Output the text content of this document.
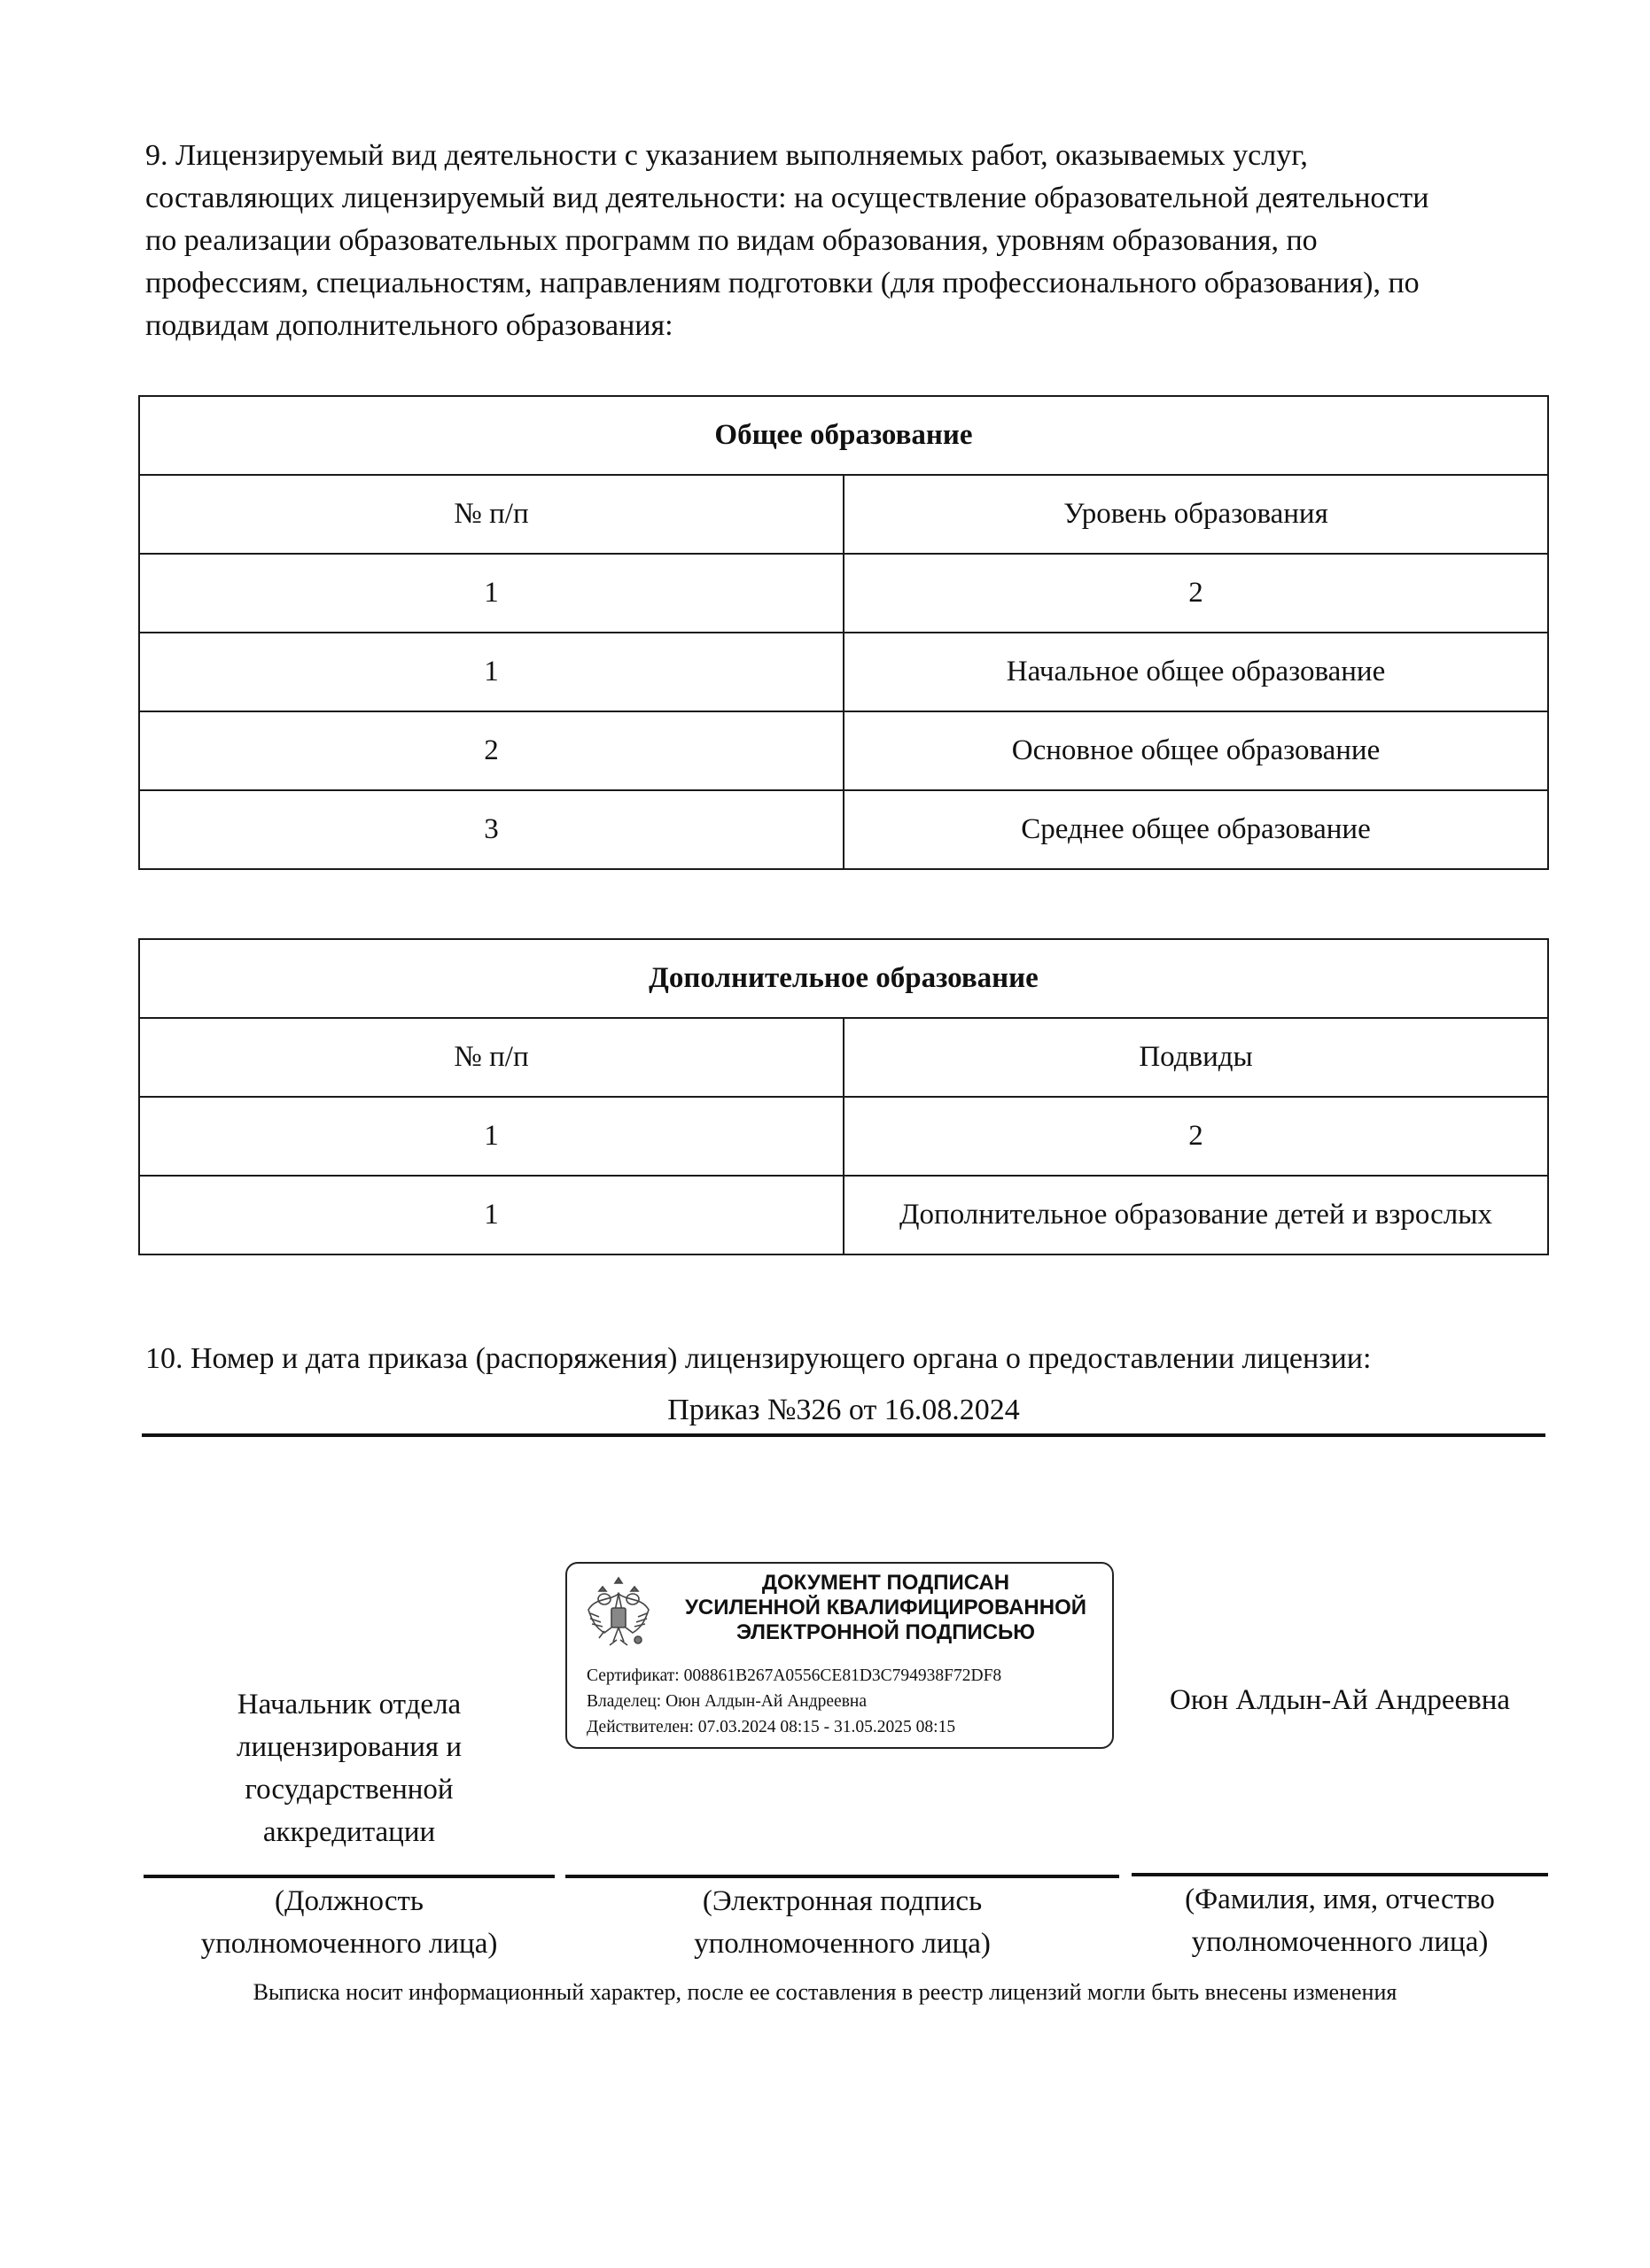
9. Лицензируемый вид деятельности с указанием выполняемых работ, оказываемых услуг,
составляющих лицензируемый вид деятельности: на осуществление образовательной деятельности
по реализации образовательных программ по видам образования, уровням образования, по
профессиям, специальностям, направлениям подготовки (для профессионального образования), по
подвидам дополнительного образования:
Общее образование	
№ п/п	Уровень образования
1	2
1	Начальное общее образование
2	Основное общее образование
3	Среднее общее образование
Дополнительное образование	
№ п/п	Подвиды
1	2
1	Дополнительное образование детей и взрослых
10. Номер и дата приказа (распоряжения) лицензирующего органа о предоставлении лицензии:
Приказ №326 от 16.08.2024
ДОКУМЕНТ ПОДПИСАН
УСИЛЕННОЙ КВАЛИФИЦИРОВАННОЙ
ЭЛЕКТРОННОЙ ПОДПИСЬЮ
Сертификат: 008861B267A0556CE81D3C794938F72DF8
Владелец: Оюн Алдын-Ай Андреевна
Действителен: 07.03.2024 08:15 - 31.05.2025 08:15
Начальник отдела
лицензирования и
государственной
аккредитации
Оюн Алдын-Ай Андреевна
(Должность
уполномоченного лица)
(Электронная подпись
уполномоченного лица)
(Фамилия, имя, отчество
уполномоченного лица)
Выписка носит информационный характер, после ее составления в реестр лицензий могли быть внесены изменения
